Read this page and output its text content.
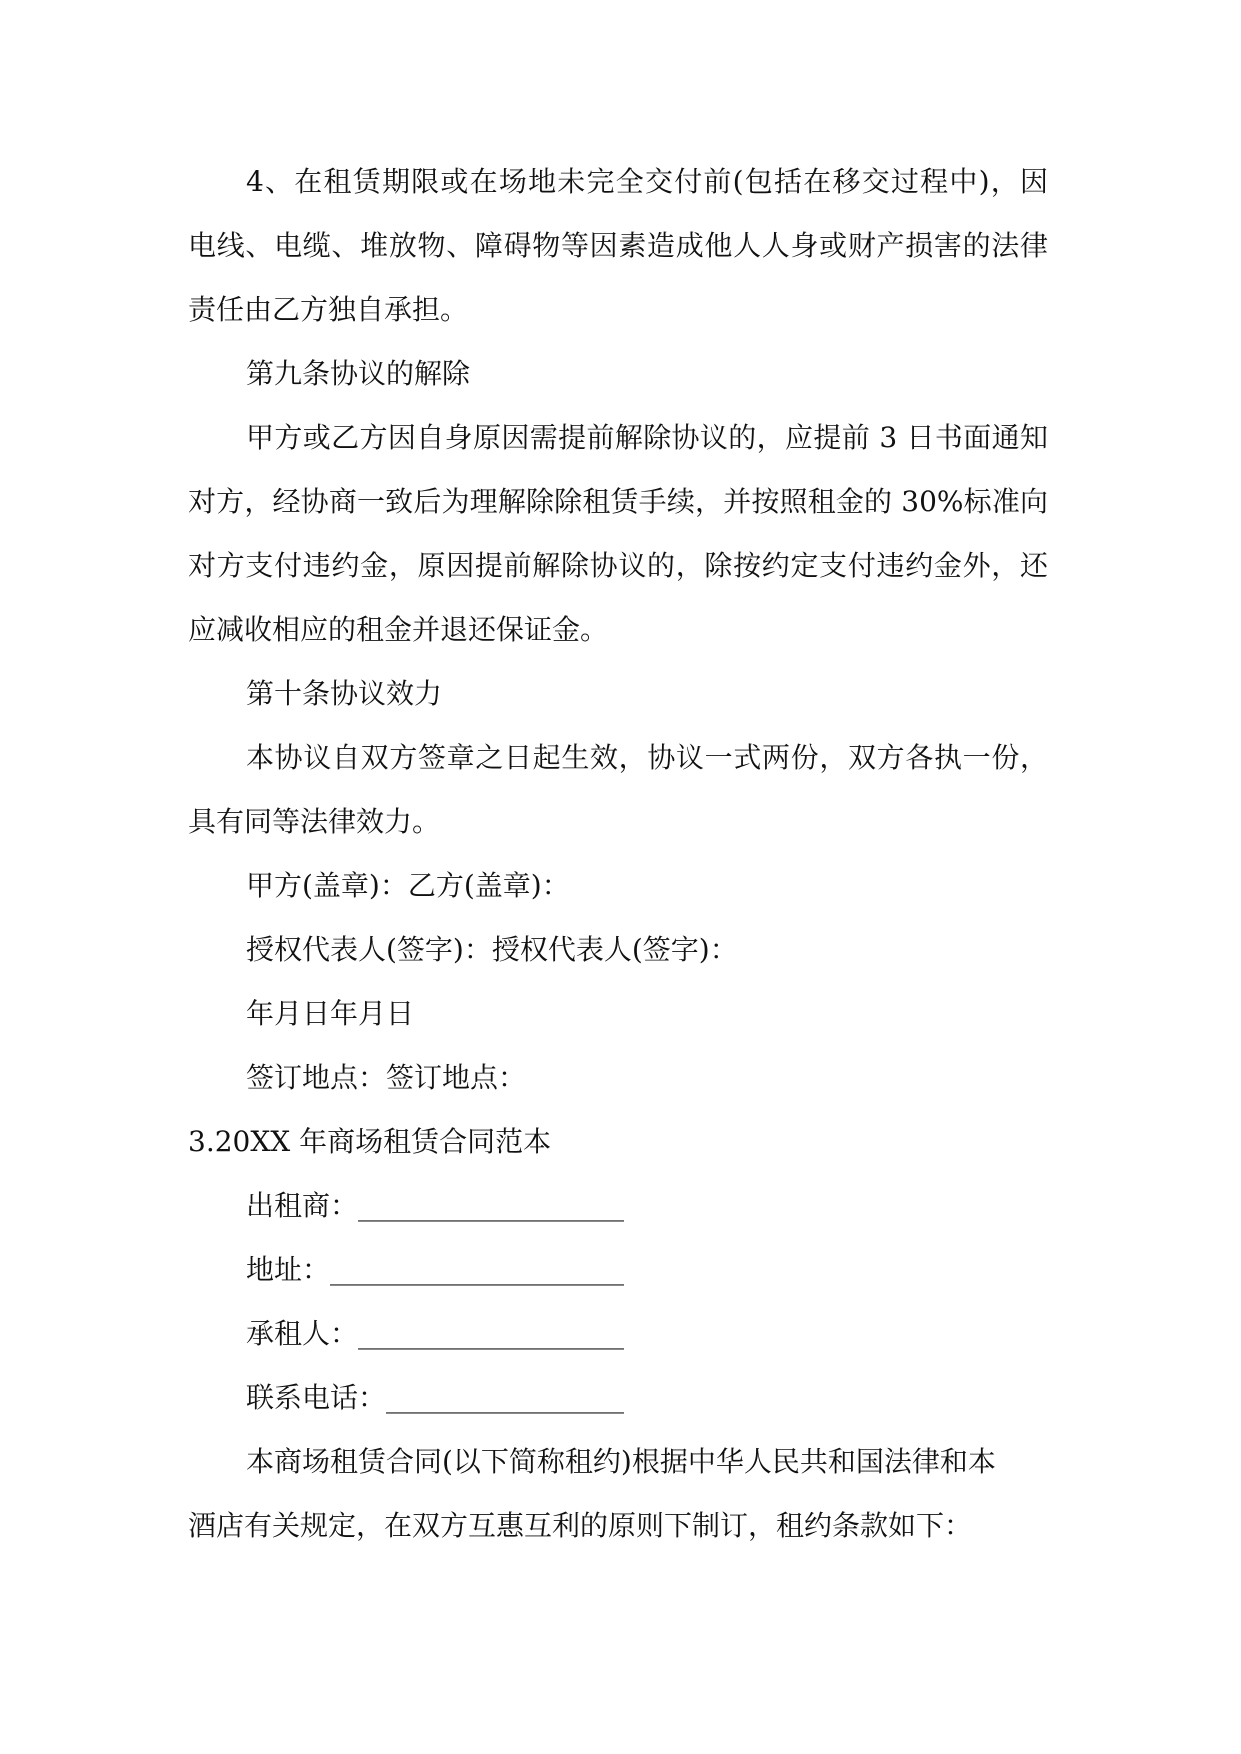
4、在租赁期限或在场地未完全交付前(包括在移交过程中)，因
电线、电缆、堆放物、障碍物等因素造成他人人身或财产损害的法律
责任由乙方独自承担。
第九条协议的解除
甲方或乙方因自身原因需提前解除协议的，应提前 3 日书面通知
对方，经协商一致后为理解除除租赁手续，并按照租金的 30%标准向
对方支付违约金，原因提前解除协议的，除按约定支付违约金外，还
应减收相应的租金并退还保证金。
第十条协议效力
本协议自双方签章之日起生效，协议一式两份，双方各执一份，
具有同等法律效力。
甲方(盖章)：乙方(盖章)：
授权代表人(签字)：授权代表人(签字)：
年月日年月日
签订地点：签订地点：
3.20XX 年商场租赁合同范本
出租商：___________________
地址：_____________________
承租人：___________________
联系电话：_________________
本商场租赁合同(以下简称租约)根据中华人民共和国法律和本
酒店有关规定，在双方互惠互利的原则下制订，租约条款如下：
